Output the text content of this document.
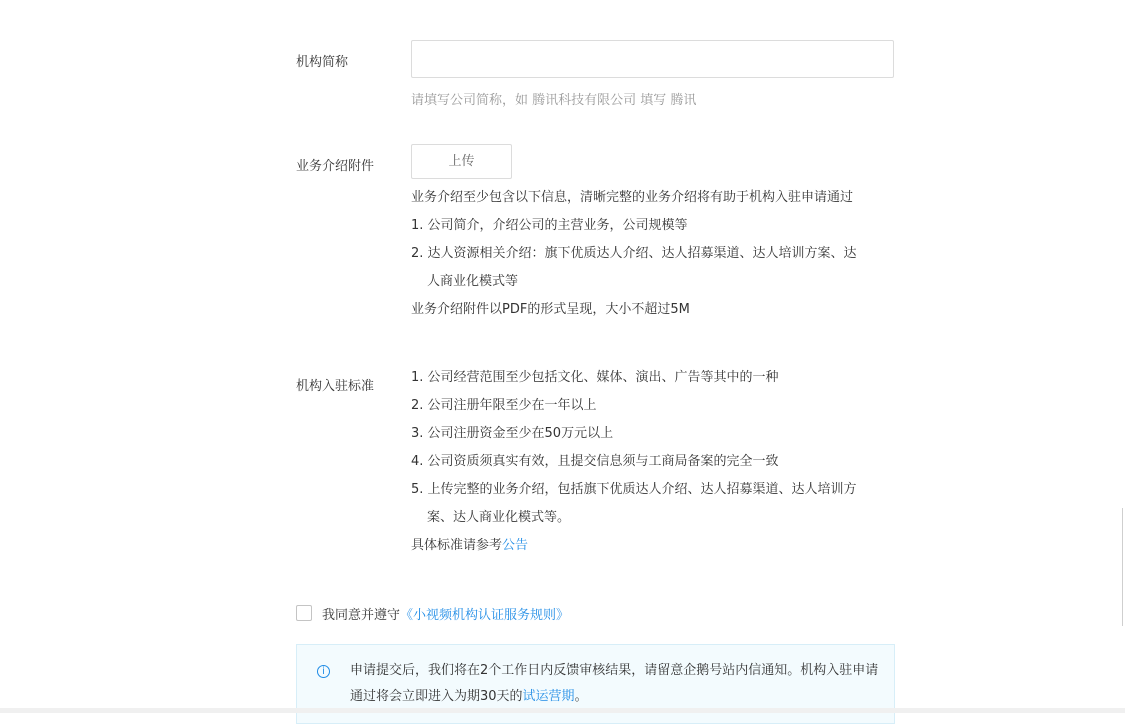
机构简称
请填写公司简称，如 腾讯科技有限公司 填写 腾讯
业务介绍附件	上传
业务介绍至少包含以下信息，清晰完整的业务介绍将有助于机构入驻申请通过
1. 公司简介，介绍公司的主营业务，公司规模等
2. 达人资源相关介绍：旗下优质达人介绍、达人招募渠道、达人培训方案、达
人商业化模式等
业务介绍附件以PDF的形式呈现，大小不超过5M
机构入驻标准
1. 公司经营范围至少包括文化、媒体、演出、广告等其中的一种
2. 公司注册年限至少在一年以上
3. 公司注册资金至少在50万元以上
4. 公司资质须真实有效，且提交信息须与工商局备案的完全一致
5. 上传完整的业务介绍，包括旗下优质达人介绍、达人招募渠道、达人培训方
案、达人商业化模式等。
具体标准请参考公告
我同意并遵守《小视频机构认证服务规则》
i	申请提交后，我们将在2个工作日内反馈审核结果，请留意企鹅号站内信通知。机构入驻申请通过将会立即进入为期30天的试运营期。
